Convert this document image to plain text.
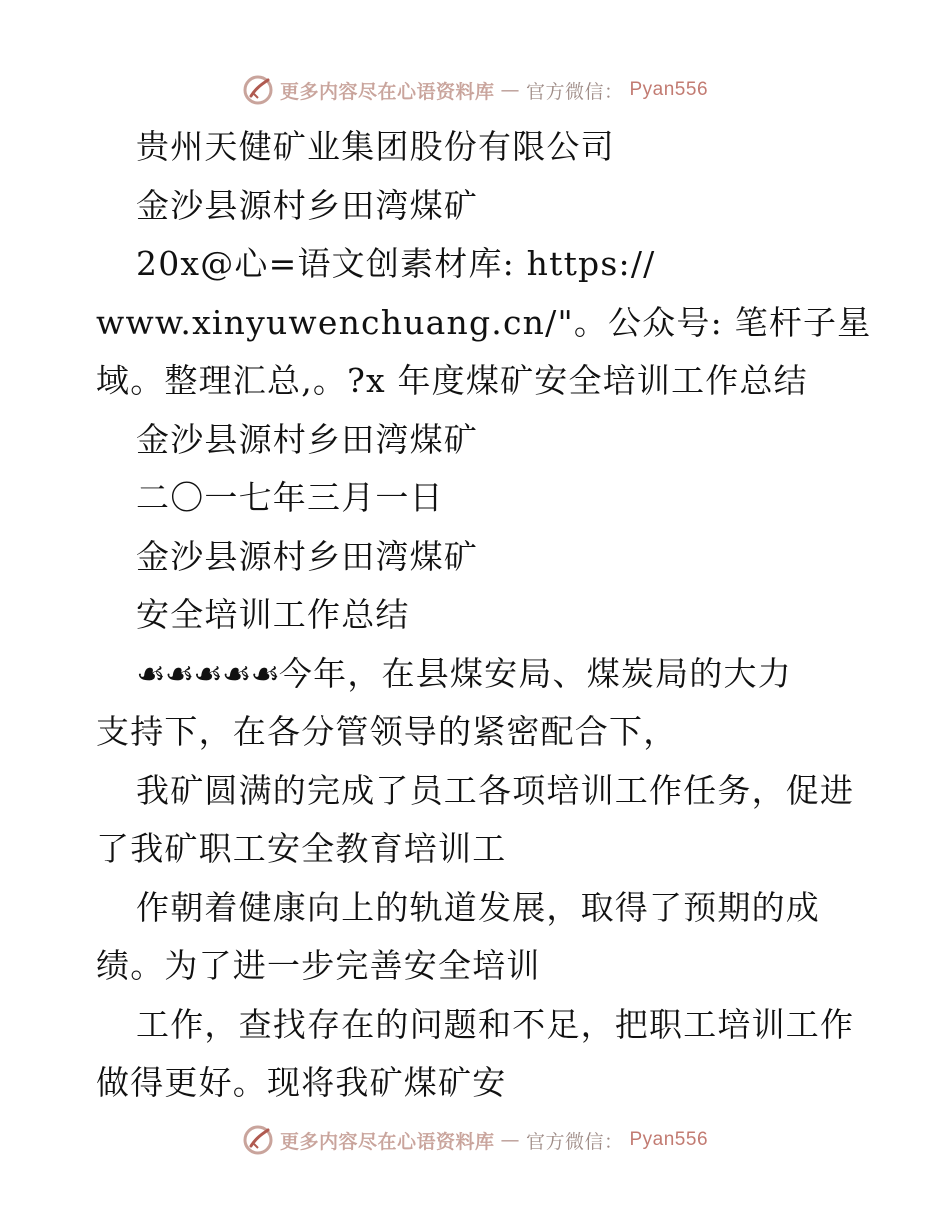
更多内容尽在心语资料库 — 官方微信： Pyan556
贵州天健矿业集团股份有限公司
金沙县源村乡田湾煤矿
20x@心=语文创素材库: https://
www.xinyuwenchuang.cn/"。公众号: 笔杆子星
域。整理汇总,。?x 年度煤矿安全培训工作总结
金沙县源村乡田湾煤矿
二〇一七年三月一日
金沙县源村乡田湾煤矿
安全培训工作总结
☙☙☙☙☙今年，在县煤安局、煤炭局的大力
支持下，在各分管领导的紧密配合下，
我矿圆满的完成了员工各项培训工作任务，促进
了我矿职工安全教育培训工
作朝着健康向上的轨道发展，取得了预期的成
绩。为了进一步完善安全培训
工作，查找存在的问题和不足，把职工培训工作
做得更好。现将我矿煤矿安
更多内容尽在心语资料库 — 官方微信： Pyan556
